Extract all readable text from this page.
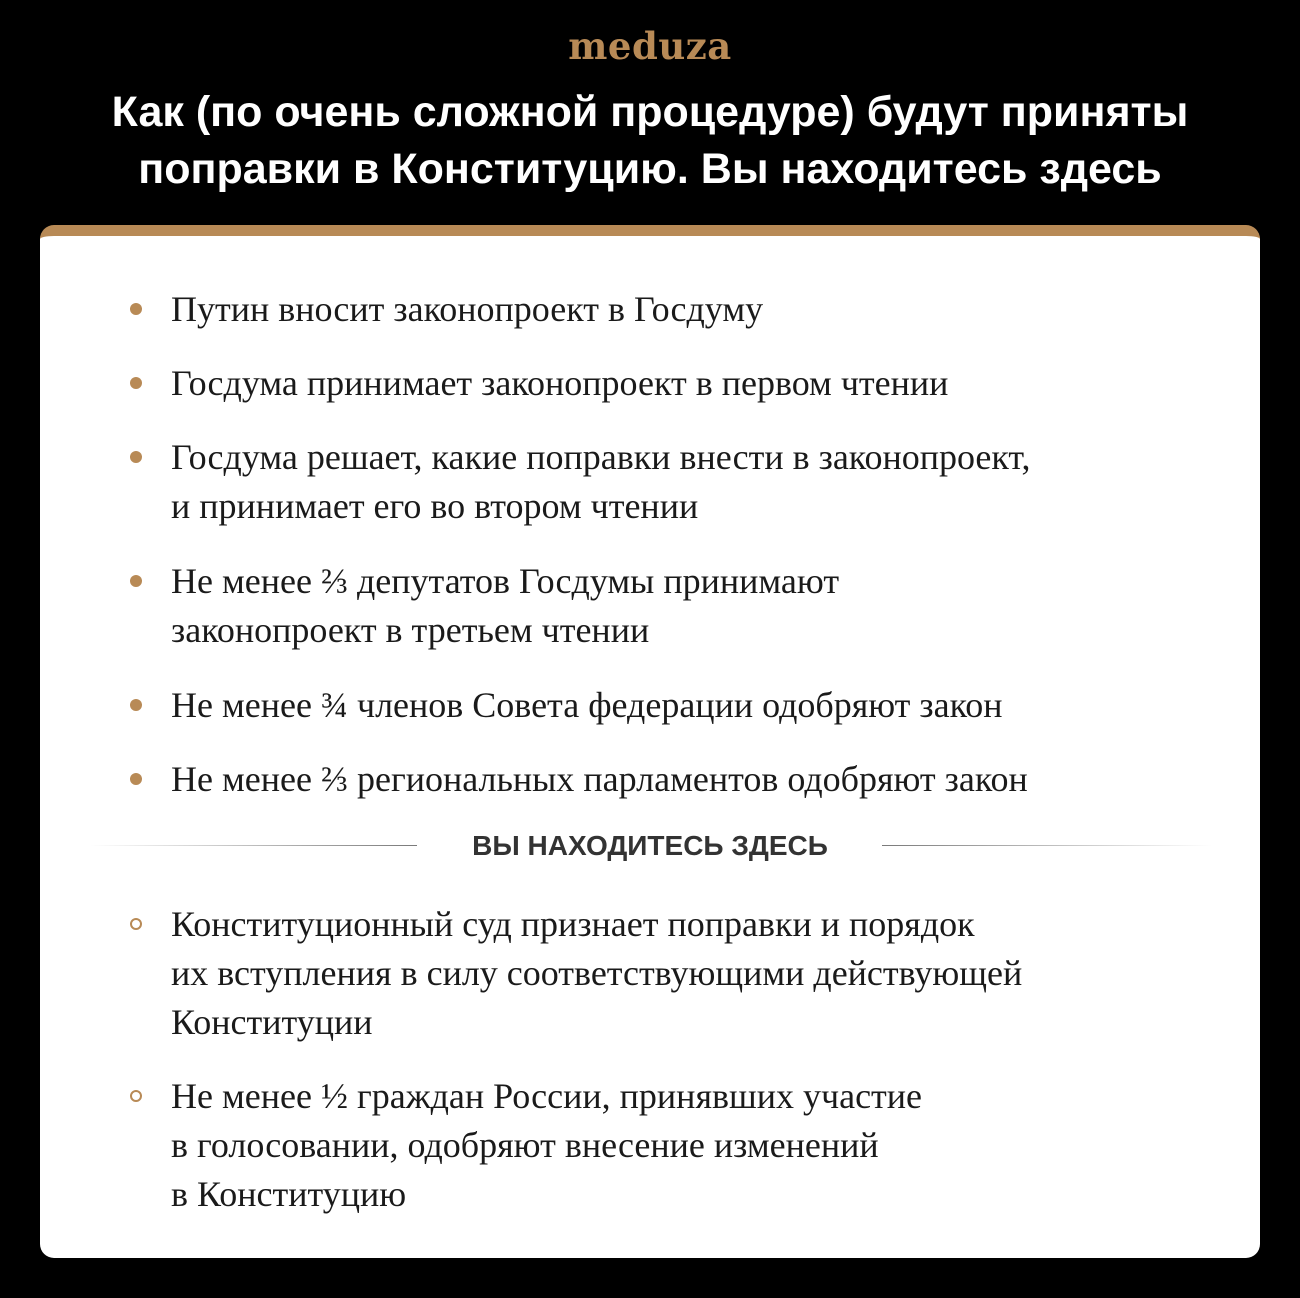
meduza
Как (по очень сложной процедуре) будут приняты
поправки в Конституцию. Вы находитесь здесь
Путин вносит законопроект в Госдуму
Госдума принимает законопроект в первом чтении
Госдума решает, какие поправки внести в законопроект,
и принимает его во втором чтении
Не менее ⅔ депутатов Госдумы принимают
законопроект в третьем чтении
Не менее ¾ членов Совета федерации одобряют закон
Не менее ⅔ региональных парламентов одобряют закон
ВЫ НАХОДИТЕСЬ ЗДЕСЬ
Конституционный суд признает поправки и порядок
их вступления в силу соответствующими действующей
Конституции
Не менее ½ граждан России, принявших участие
в голосовании, одобряют внесение изменений
в Конституцию
